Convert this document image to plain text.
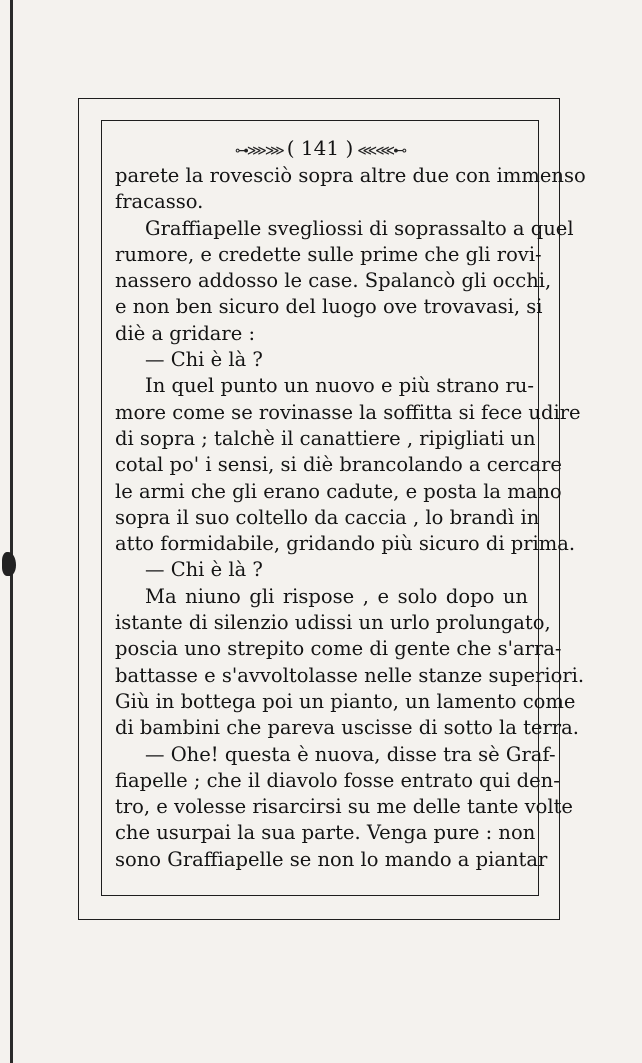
⊶⋙⋙ ( 141 ) ⋘⋘⊷
parete la rovesciò sopra altre due con immenso
fracasso.
Graffiapelle svegliossi di soprassalto a quel
rumore, e credette sulle prime che gli rovi-
nassero addosso le case. Spalancò gli occhi,
e non ben sicuro del luogo ove trovavasi, si
diè a gridare :
— Chi è là ?
In quel punto un nuovo e più strano ru-
more come se rovinasse la soffitta si fece udire
di sopra ; talchè il canattiere , ripigliati un
cotal po' i sensi, si diè brancolando a cercare
le armi che gli erano cadute, e posta la mano
sopra il suo coltello da caccia , lo brandì in
atto formidabile, gridando più sicuro di prima.
— Chi è là ?
Ma niuno gli rispose , e solo dopo un
istante di silenzio udissi un urlo prolungato,
poscia uno strepito come di gente che s'arra-
battasse e s'avvoltolasse nelle stanze superiori.
Giù in bottega poi un pianto, un lamento come
di bambini che pareva uscisse di sotto la terra.
— Ohe! questa è nuova, disse tra sè Graf-
fiapelle ; che il diavolo fosse entrato qui den-
tro, e volesse risarcirsi su me delle tante volte
che usurpai la sua parte. Venga pure : non
sono Graffiapelle se non lo mando a piantar
